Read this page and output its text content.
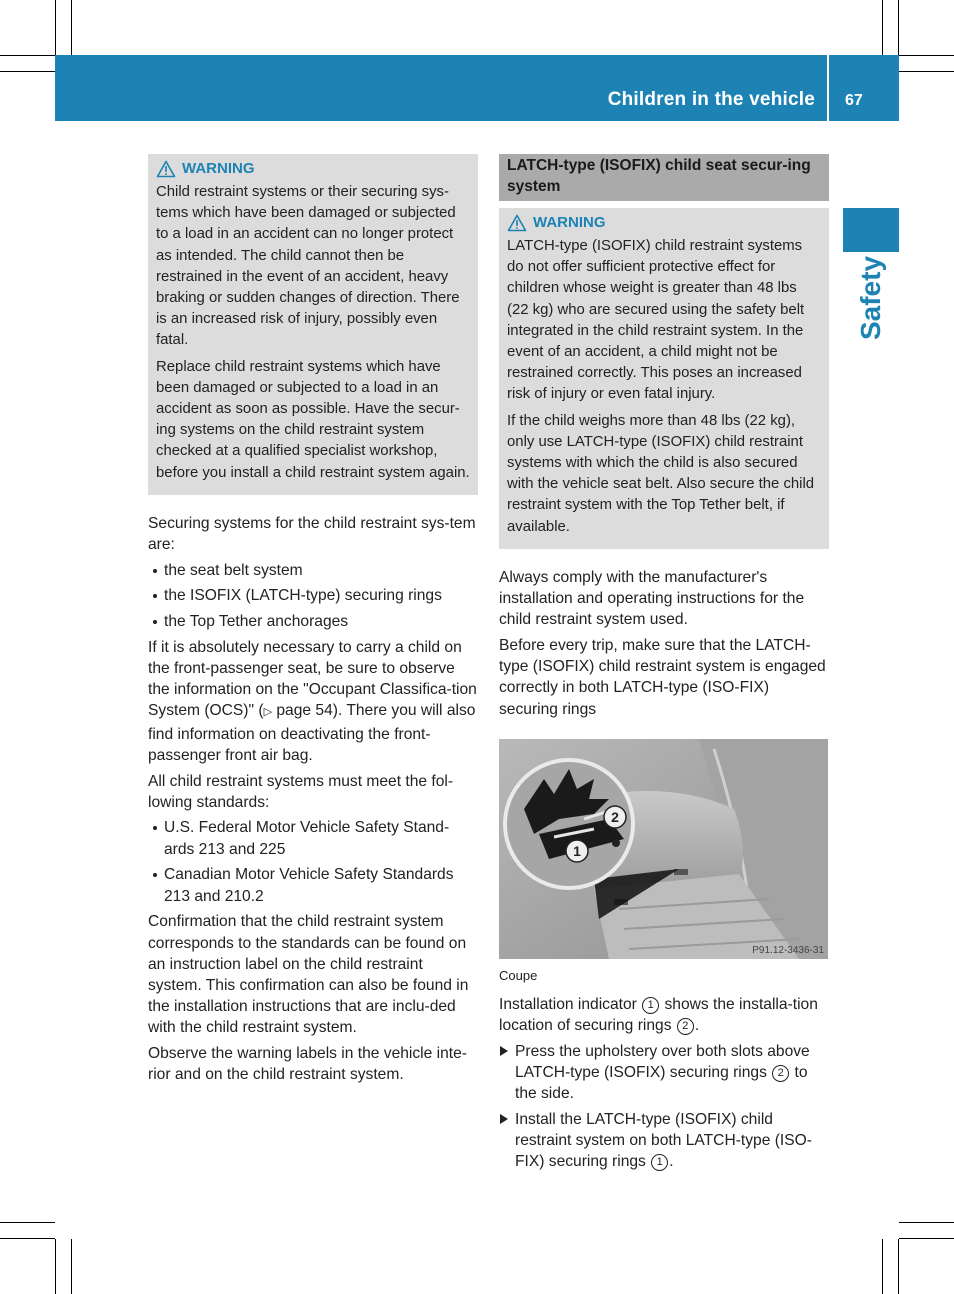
Children in the vehicle 67
Safety
WARNING

Child restraint systems or their securing sys-tems which have been damaged or subjected to a load in an accident can no longer protect as intended. The child cannot then be restrained in the event of an accident, heavy braking or sudden changes of direction. There is an increased risk of injury, possibly even fatal.

Replace child restraint systems which have been damaged or subjected to a load in an accident as soon as possible. Have the secur-ing systems on the child restraint system checked at a qualified specialist workshop, before you install a child restraint system again.

Securing systems for the child restraint sys-tem are:

the seat belt system
the ISOFIX (LATCH-type) securing rings
the Top Tether anchorages

If it is absolutely necessary to carry a child on the front-passenger seat, be sure to observe the information on the "Occupant Classifica-tion System (OCS)" (▷ page 54). There you will also find information on deactivating the front-passenger front air bag.

All child restraint systems must meet the fol-lowing standards:

U.S. Federal Motor Vehicle Safety Stand-ards 213 and 225
Canadian Motor Vehicle Safety Standards 213 and 210.2

Confirmation that the child restraint system corresponds to the standards can be found on an instruction label on the child restraint system. This confirmation can also be found in the installation instructions that are inclu-ded with the child restraint system.

Observe the warning labels in the vehicle inte-rior and on the child restraint system.

LATCH-type (ISOFIX) child seat secur-ing system
WARNING

LATCH-type (ISOFIX) child restraint systems do not offer sufficient protective effect for children whose weight is greater than 48 lbs (22 kg) who are secured using the safety belt integrated in the child restraint system. In the event of an accident, a child might not be restrained correctly. This poses an increased risk of injury or even fatal injury.

If the child weighs more than 48 lbs (22 kg), only use LATCH-type (ISOFIX) child restraint systems with which the child is also secured with the vehicle seat belt. Also secure the child restraint system with the Top Tether belt, if available.

Always comply with the manufacturer's installation and operating instructions for the child restraint system used.

Before every trip, make sure that the LATCH-type (ISOFIX) child restraint system is engaged correctly in both LATCH-type (ISO-FIX) securing rings

2
1
P91.12-3436-31
Coupe

Installation indicator 1 shows the installa-tion location of securing rings 2 .

Press the upholstery over both slots above LATCH-type (ISOFIX) securing rings 2 to the side.
Install the LATCH-type (ISOFIX) child restraint system on both LATCH-type (ISO-FIX) securing rings 1 .
